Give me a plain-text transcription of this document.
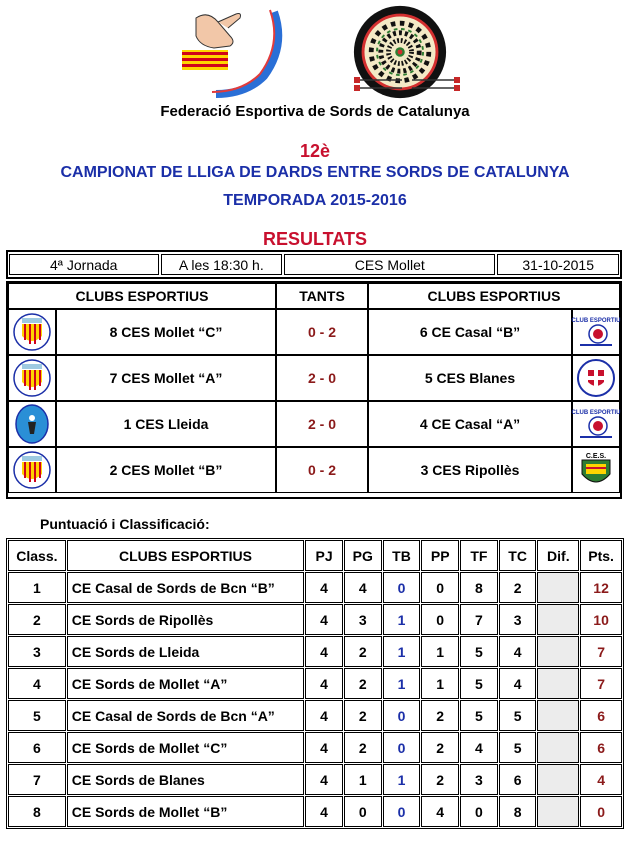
Federació Esportiva de Sords de Catalunya
12è
CAMPIONAT DE LLIGA DE DARDS ENTRE SORDS DE CATALUNYA
TEMPORADA 2015-2016
RESULTATS
4ª Jornada	A les 18:30 h.	CES Mollet	31-10-2015
CLUBS ESPORTIUS	TANTS	CLUBS ESPORTIUS
8 CES Mollet “C”	0 - 2	6 CE Casal “B”
CLUB ESPORTIU
7 CES Mollet “A”	2 - 0	5 CES Blanes
1 CES Lleida	2 - 0	4 CE Casal “A”
CLUB ESPORTIU
2 CES Mollet “B”	0 - 2	3 CES Ripollès
C.E.S.
Puntuació i Classificació:
Class.	CLUBS ESPORTIUS	PJ	PG	TB	PP	TF	TC	Dif.	Pts.
1	CE Casal de Sords de Bcn “B”	4	4	0	0	8	2		12
2	CE Sords de Ripollès	4	3	1	0	7	3		10
3	CE Sords de Lleida	4	2	1	1	5	4		7
4	CE Sords de Mollet “A”	4	2	1	1	5	4		7
5	CE Casal de Sords de Bcn “A”	4	2	0	2	5	5		6
6	CE Sords de Mollet “C”	4	2	0	2	4	5		6
7	CE Sords de Blanes	4	1	1	2	3	6		4
8	CE Sords de Mollet “B”	4	0	0	4	0	8		0
